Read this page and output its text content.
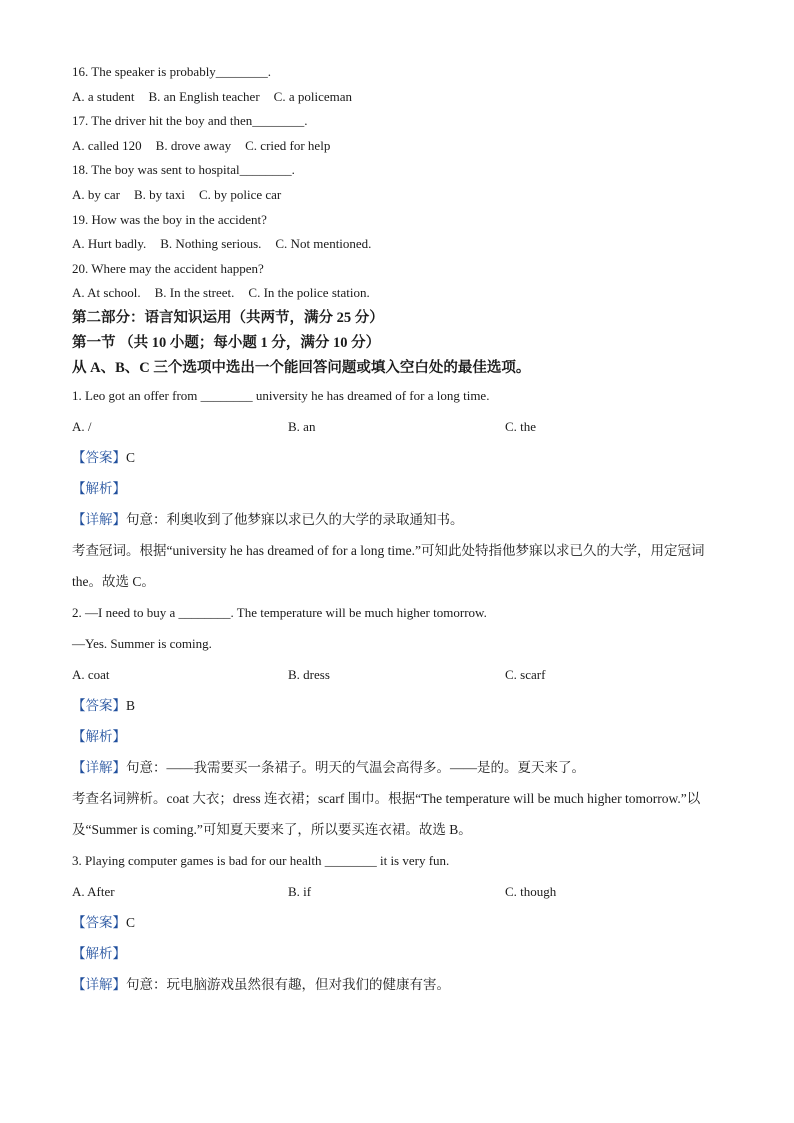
16. The speaker is probably________.
A. a student B. an English teacher C. a policeman
17. The driver hit the boy and then________.
A. called 120 B. drove away C. cried for help
18. The boy was sent to hospital________.
A. by car B. by taxi C. by police car
19. How was the boy in the accident?
A. Hurt badly. B. Nothing serious. C. Not mentioned.
20. Where may the accident happen?
A. At school. B. In the street. C. In the police station.
第二部分：语言知识运用（共两节，满分 25 分）
第一节 （共 10 小题；每小题 1 分，满分 10 分）
从 A、B、C 三个选项中选出一个能回答问题或填入空白处的最佳选项。
1. Leo got an offer from ________ university he has dreamed of for a long time.
A. /	B. an	C. the
【答案】C
【解析】
【详解】句意：利奥收到了他梦寐以求已久的大学的录取通知书。
考查冠词。根据“university he has dreamed of for a long time.”可知此处特指他梦寐以求已久的大学，用定冠词 the。故选 C。
2. —I need to buy a ________. The temperature will be much higher tomorrow.
—Yes. Summer is coming.
A. coat	B. dress	C. scarf
【答案】B
【解析】
【详解】句意：——我需要买一条裙子。明天的气温会高得多。——是的。夏天来了。
考查名词辨析。coat 大衣；dress 连衣裙；scarf 围巾。根据“The temperature will be much higher tomorrow.”以及“Summer is coming.”可知夏天要来了，所以要买连衣裙。故选 B。
3. Playing computer games is bad for our health ________ it is very fun.
A. After	B. if	C. though
【答案】C
【解析】
【详解】句意：玩电脑游戏虽然很有趣，但对我们的健康有害。
